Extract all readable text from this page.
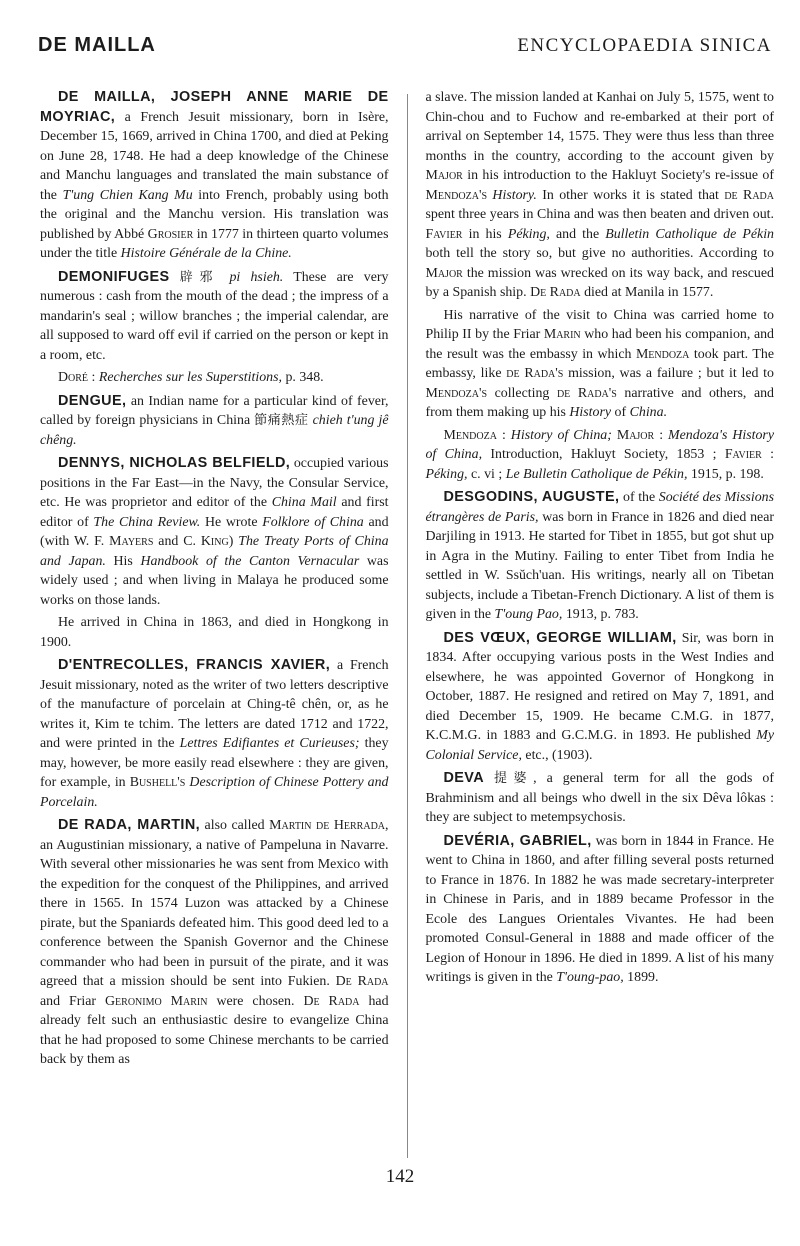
DE MAILLA	ENCYCLOPAEDIA SINICA

DE MAILLA, JOSEPH ANNE MARIE DE MOYRIAC, a French Jesuit missionary, born in Isère, December 15, 1669, arrived in China 1700, and died at Peking on June 28, 1748. He had a deep knowledge of the Chinese and Manchu languages and translated the main substance of the T'ung Chien Kang Mu into French, probably using both the original and the Manchu version. His translation was published by Abbé Grosier in 1777 in thirteen quarto volumes under the title Histoire Générale de la Chine.

DEMONIFUGES 辟邪 pi hsieh. These are very numerous : cash from the mouth of the dead ; the impress of a mandarin's seal ; willow branches ; the imperial calendar, are all supposed to ward off evil if carried on the person or kept in a room, etc.

Doré : Recherches sur les Superstitions, p. 348.

DENGUE, an Indian name for a particular kind of fever, called by foreign physicians in China 節痛熱症 chieh t'ung jê chêng.

DENNYS, NICHOLAS BELFIELD, occupied various positions in the Far East—in the Navy, the Consular Service, etc. He was proprietor and editor of the China Mail and first editor of The China Review. He wrote Folklore of China and (with W. F. Mayers and C. King) The Treaty Ports of China and Japan. His Handbook of the Canton Vernacular was widely used ; and when living in Malaya he produced some works on those lands.

He arrived in China in 1863, and died in Hongkong in 1900.

D'ENTRECOLLES, FRANCIS XAVIER, a French Jesuit missionary, noted as the writer of two letters descriptive of the manufacture of porcelain at Ching-tê chên, or, as he writes it, Kim te tchim. The letters are dated 1712 and 1722, and were printed in the Lettres Edifiantes et Curieuses; they may, however, be more easily read elsewhere : they are given, for example, in Bushell's Description of Chinese Pottery and Porcelain.

DE RADA, MARTIN, also called Martin de Herrada, an Augustinian missionary, a native of Pampeluna in Navarre. With several other missionaries he was sent from Mexico with the expedition for the conquest of the Philippines, and arrived there in 1565. In 1574 Luzon was attacked by a Chinese pirate, but the Spaniards defeated him. This good deed led to a conference between the Spanish Governor and the Chinese commander who had been in pursuit of the pirate, and it was agreed that a mission should be sent into Fukien. De Rada and Friar Geronimo Marin were chosen. De Rada had already felt such an enthusiastic desire to evangelize China that he had proposed to some Chinese merchants to be carried back by them as

a slave. The mission landed at Kanhai on July 5, 1575, went to Chin-chou and to Fuchow and re-embarked at their port of arrival on September 14, 1575. They were thus less than three months in the country, according to the account given by Major in his introduction to the Hakluyt Society's re-issue of Mendoza's History. In other works it is stated that de Rada spent three years in China and was then beaten and driven out. Favier in his Péking, and the Bulletin Catholique de Pékin both tell the story so, but give no authorities. According to Major the mission was wrecked on its way back, and rescued by a Spanish ship. De Rada died at Manila in 1577.

His narrative of the visit to China was carried home to Philip II by the Friar Marin who had been his companion, and the result was the embassy in which Mendoza took part. The embassy, like de Rada's mission, was a failure ; but it led to Mendoza's collecting de Rada's narrative and others, and from them making up his History of China.

Mendoza : History of China; Major : Mendoza's History of China, Introduction, Hakluyt Society, 1853 ; Favier : Péking, c. vi ; Le Bulletin Catholique de Pékin, 1915, p. 198.

DESGODINS, AUGUSTE, of the Société des Missions étrangères de Paris, was born in France in 1826 and died near Darjiling in 1913. He started for Tibet in 1855, but got shut up in Agra in the Mutiny. Failing to enter Tibet from India he settled in W. Ssŭch'uan. His writings, nearly all on Tibetan subjects, include a Tibetan-French Dictionary. A list of them is given in the T'oung Pao, 1913, p. 783.

DES VŒUX, GEORGE WILLIAM, Sir, was born in 1834. After occupying various posts in the West Indies and elsewhere, he was appointed Governor of Hongkong in October, 1887. He resigned and retired on May 7, 1891, and died December 15, 1909. He became C.M.G. in 1877, K.C.M.G. in 1883 and G.C.M.G. in 1893. He published My Colonial Service, etc., (1903).

DEVA 提婆, a general term for all the gods of Brahminism and all beings who dwell in the six Dêva lôkas : they are subject to metempsychosis.

DEVÉRIA, GABRIEL, was born in 1844 in France. He went to China in 1860, and after filling several posts returned to France in 1876. In 1882 he was made secretary-interpreter in Chinese in Paris, and in 1889 became Professor in the Ecole des Langues Orientales Vivantes. He had been promoted Consul-General in 1888 and made officer of the Legion of Honour in 1896. He died in 1899. A list of his many writings is given in the T'oung-pao, 1899.

142
